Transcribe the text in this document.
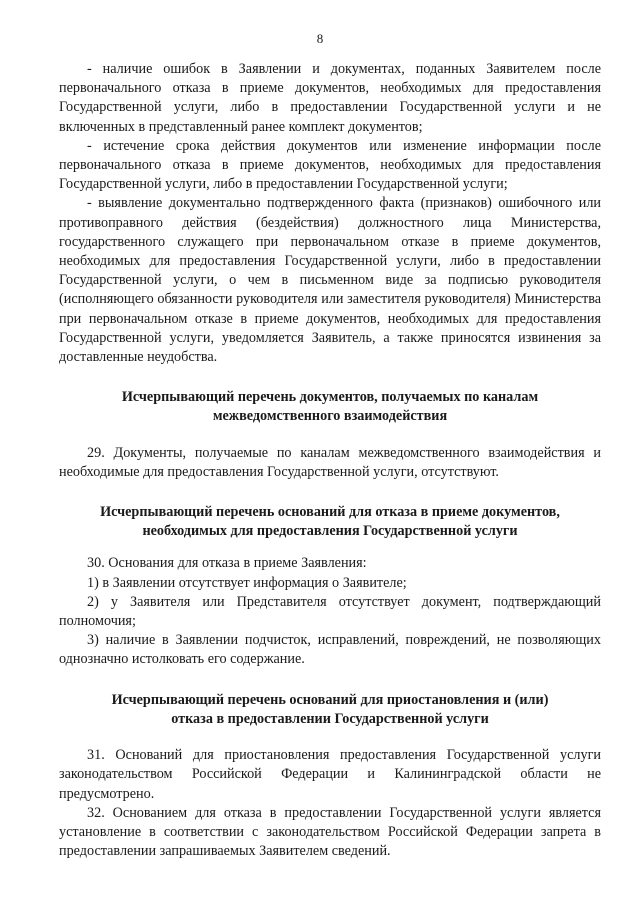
8

- наличие ошибок в Заявлении и документах, поданных Заявителем после первоначального отказа в приеме документов, необходимых для предоставления Государственной услуги, либо в предоставлении Государственной услуги и не включенных в представленный ранее комплект документов;

- истечение срока действия документов или изменение информации после первоначального отказа в приеме документов, необходимых для предоставления Государственной услуги, либо в предоставлении Государственной услуги;

- выявление документально подтвержденного факта (признаков) ошибочного или противоправного действия (бездействия) должностного лица Министерства, государственного служащего при первоначальном отказе в приеме документов, необходимых для предоставления Государственной услуги, либо в предоставлении Государственной услуги, о чем в письменном виде за подписью руководителя (исполняющего обязанности руководителя или заместителя руководителя) Министерства при первоначальном отказе в приеме документов, необходимых для предоставления Государственной услуги, уведомляется Заявитель, а также приносятся извинения за доставленные неудобства.

Исчерпывающий перечень документов, получаемых по каналам межведомственного взаимодействия

29. Документы, получаемые по каналам межведомственного взаимодействия и необходимые для предоставления Государственной услуги, отсутствуют.

Исчерпывающий перечень оснований для отказа в приеме документов, необходимых для предоставления Государственной услуги

30. Основания для отказа в приеме Заявления:

1) в Заявлении отсутствует информация о Заявителе;

2) у Заявителя или Представителя отсутствует документ, подтверждающий полномочия;

3) наличие в Заявлении подчисток, исправлений, повреждений, не позволяющих однозначно истолковать его содержание.

Исчерпывающий перечень оснований для приостановления и (или) отказа в предоставлении Государственной услуги

31. Оснований для приостановления предоставления Государственной услуги законодательством Российской Федерации и Калининградской области не предусмотрено.

32. Основанием для отказа в предоставлении Государственной услуги является установление в соответствии с законодательством Российской Федерации запрета в предоставлении запрашиваемых Заявителем сведений.
